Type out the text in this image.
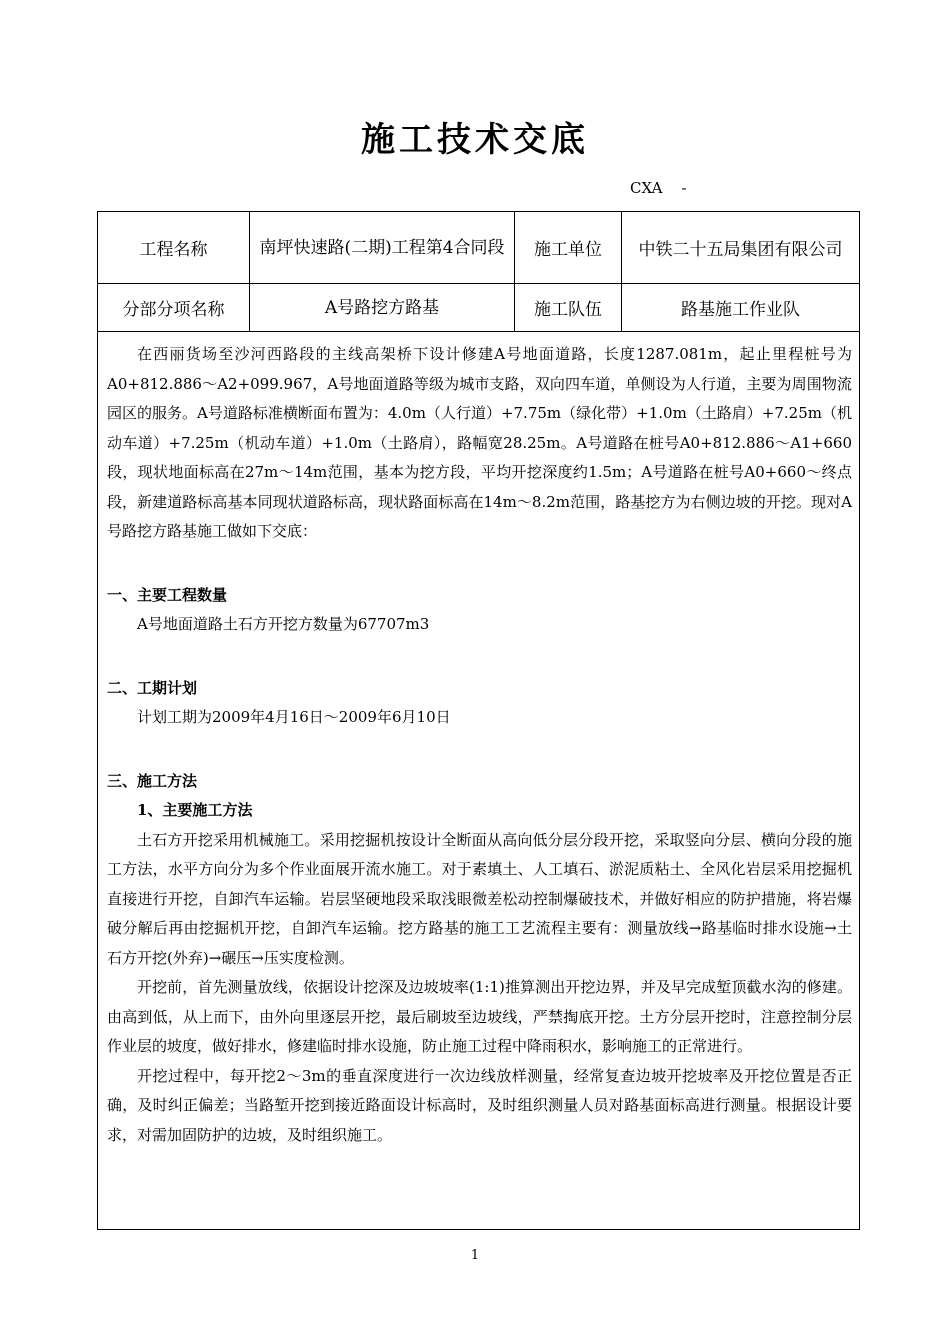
施工技术交底
CXA    -
工程名称	南坪快速路(二期)工程第4合同段	施工单位	中铁二十五局集团有限公司
分部分项名称	A号路挖方路基	施工队伍	路基施工作业队

在西丽货场至沙河西路段的主线高架桥下设计修建A号地面道路，长度1287.081m，起止里程桩号为A0+812.886～A2+099.967，A号地面道路等级为城市支路，双向四车道，单侧设为人行道，主要为周围物流园区的服务。A号道路标准横断面布置为：4.0m（人行道）+7.75m（绿化带）+1.0m（土路肩）+7.25m（机动车道）+7.25m（机动车道）+1.0m（土路肩），路幅宽28.25m。A号道路在桩号A0+812.886～A1+660段，现状地面标高在27m～14m范围，基本为挖方段，平均开挖深度约1.5m；A号道路在桩号A0+660～终点段，新建道路标高基本同现状道路标高，现状路面标高在14m～8.2m范围，路基挖方为右侧边坡的开挖。现对A号路挖方路基施工做如下交底：

一、主要工程数量

A号地面道路土石方开挖方数量为67707m3

二、工期计划

计划工期为2009年4月16日～2009年6月10日

三、施工方法

1、主要施工方法

土石方开挖采用机械施工。采用挖掘机按设计全断面从高向低分层分段开挖，采取竖向分层、横向分段的施工方法，水平方向分为多个作业面展开流水施工。对于素填土、人工填石、淤泥质粘土、全风化岩层采用挖掘机直接进行开挖，自卸汽车运输。岩层坚硬地段采取浅眼微差松动控制爆破技术，并做好相应的防护措施，将岩爆破分解后再由挖掘机开挖，自卸汽车运输。挖方路基的施工工艺流程主要有：测量放线→路基临时排水设施→土石方开挖(外弃)→碾压→压实度检测。

开挖前，首先测量放线，依据设计挖深及边坡坡率(1:1)推算测出开挖边界，并及早完成堑顶截水沟的修建。由高到低，从上而下，由外向里逐层开挖，最后刷坡至边坡线，严禁掏底开挖。土方分层开挖时，注意控制分层作业层的坡度，做好排水，修建临时排水设施，防止施工过程中降雨积水，影响施工的正常进行。

开挖过程中，每开挖2～3m的垂直深度进行一次边线放样测量，经常复查边坡开挖坡率及开挖位置是否正确，及时纠正偏差；当路堑开挖到接近路面设计标高时，及时组织测量人员对路基面标高进行测量。根据设计要求，对需加固防护的边坡，及时组织施工。

1
